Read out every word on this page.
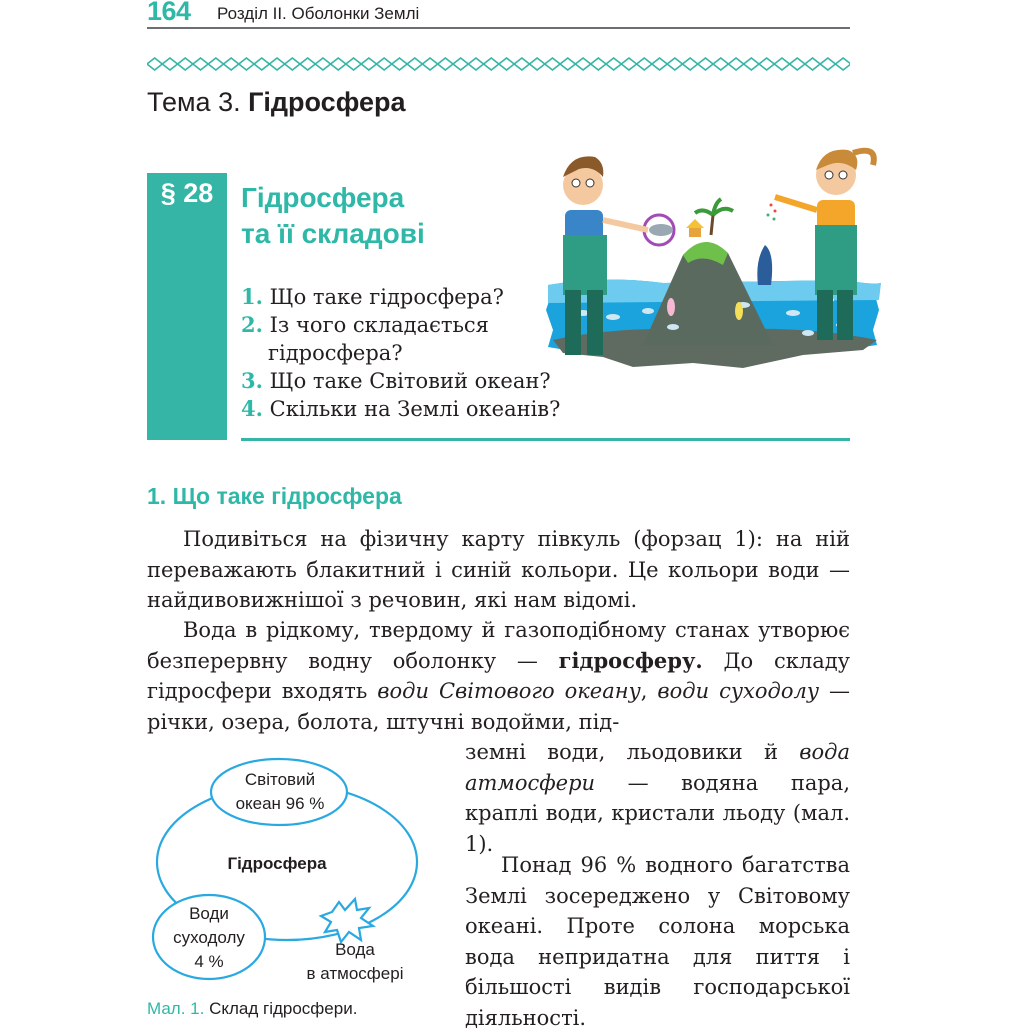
164 Розділ ІІ. Оболонки Землі
Тема 3. Гідросфера
§ 28 Гідросфера
та її складові
1. Що таке гідросфера?
2. Із чого складається
гідросфера?
3. Що таке Світовий океан?
4. Скільки на Землі океанів?
1. Що таке гідросфера
Подивіться на фізичну карту півкуль (форзац 1): на ній переважають блакитний і синій кольори. Це кольори води — найдивовижнішої з речовин, які нам відомі.
Вода в рідкому, твердому й газоподібному станах утворює безперервну водну оболонку — гідросферу. До складу гідросфери входять води Світового океану, води суходолу — річки, озера, болота, штучні водойми, під-
земні води, льодовики й вода атмосфери — водяна пара, краплі води, кристали льоду (мал. 1).
Понад 96 % водного багатства Землі зосереджено у Світовому океані. Проте солона морська вода непридатна для пиття і більшості видів господарської діяльності.
Світовий
океан 96 %
Гідросфера
Води
суходолу
4 %
Вода
в атмосфері
Мал. 1. Склад гідросфери.
